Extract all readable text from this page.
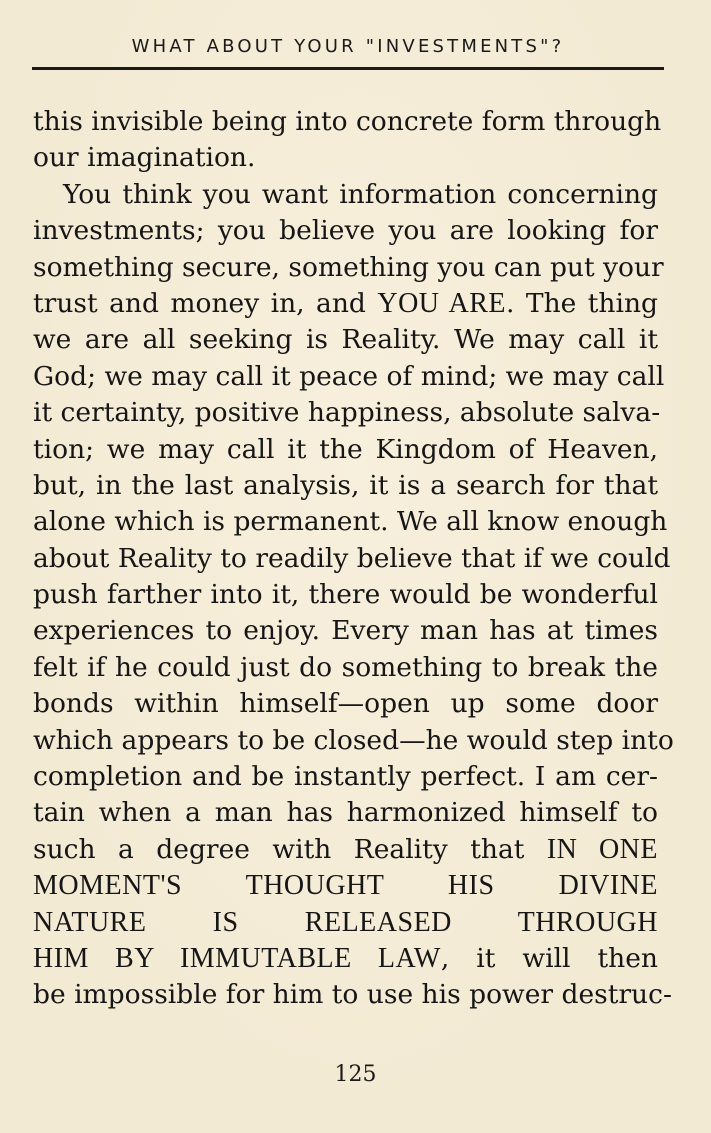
WHAT ABOUT YOUR "INVESTMENTS"?
this invisible being into concrete form through
our imagination.
You think you want information concerning
investments; you believe you are looking for
something secure, something you can put your
trust and money in, and YOU ARE. The thing
we are all seeking is Reality. We may call it
God; we may call it peace of mind; we may call
it certainty, positive happiness, absolute salva-
tion; we may call it the Kingdom of Heaven,
but, in the last analysis, it is a search for that
alone which is permanent. We all know enough
about Reality to readily believe that if we could
push farther into it, there would be wonderful
experiences to enjoy. Every man has at times
felt if he could just do something to break the
bonds within himself—open up some door
which appears to be closed—he would step into
completion and be instantly perfect. I am cer-
tain when a man has harmonized himself to
such a degree with Reality that IN ONE
MOMENT'S THOUGHT HIS DIVINE
NATURE IS RELEASED THROUGH
HIM BY IMMUTABLE LAW, it will then
be impossible for him to use his power destruc-
125
